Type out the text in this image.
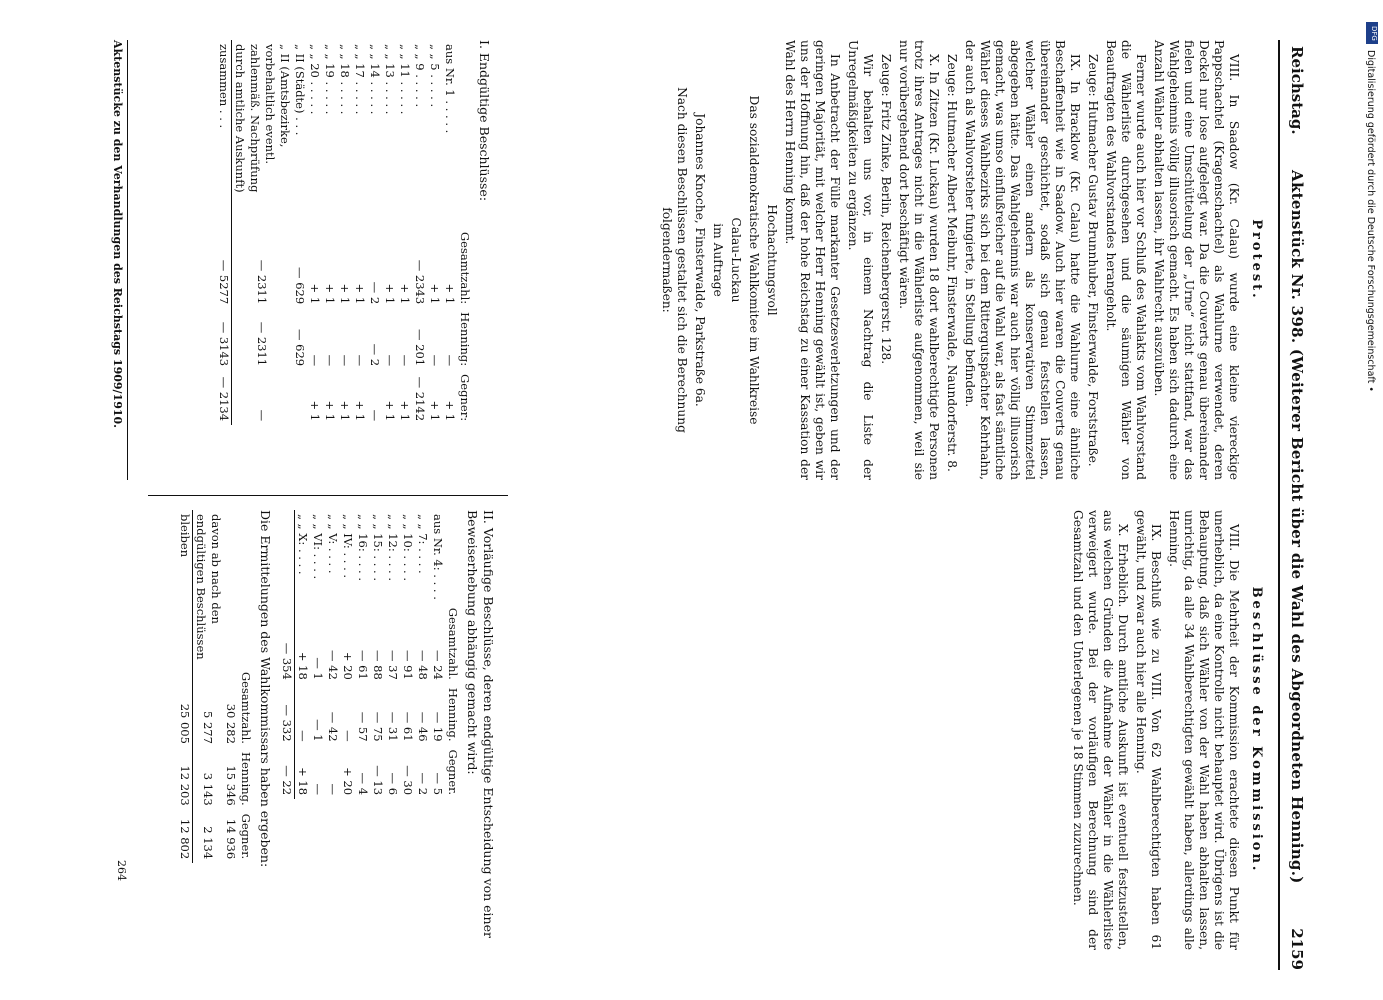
Reichstag.
Aktenstück Nr. 398. (Weiterer Bericht über die Wahl des Abgeordneten Henning.)
2159
Protest.

VIII. In Saadow (Kr. Calau) wurde eine kleine viereckige Pappschachtel (Kragenschachtel) als Wahlurne verwendet, deren Deckel nur lose aufgelegt war. Da die Couverts genau übereinander fielen und eine Umschüttelung der „Urne“ nicht stattfand, war das Wahlgeheimnis völlig illusorisch gemacht. Es haben sich dadurch eine Anzahl Wähler abhalten lassen, ihr Wahlrecht auszuüben.

Ferner wurde auch hier vor Schluß des Wahlakts vom Wahlvorstand die Wählerliste durchgesehen und die säumigen Wähler von Beauftragten des Wahlvorstandes herangeholt.

Zeuge: Hutmacher Gustav Brunnhuber, Finsterwalde, Forststraße.

IX. In Bracklow (Kr. Calau) hatte die Wahlurne eine ähnliche Beschaffenheit wie in Saadow. Auch hier waren die Couverts genau übereinander geschichtet, sodaß sich genau feststellen lassen, welcher Wähler einen andern als konservativen Stimmzettel abgegeben hätte. Das Wahlgeheimnis war auch hier völlig illusorisch gemacht, was umso einflußreicher auf die Wahl war, als fast sämtliche Wähler dieses Wahlbezirks sich bei dem Rittergutspächter Kehrhahn, der auch als Wahlvorsteher fungierte, in Stellung befinden.

Zeuge: Hutmacher Albert Meibuhr, Finsterwalde, Naundorferstr. 8.

X. In Zitzen (Kr. Luckau) wurden 18 dort wahlberechtigte Personen trotz ihres Antrages nicht in die Wählerliste aufgenommen, weil sie nur vorübergehend dort beschäftigt wären.

Zeuge: Fritz Zinke, Berlin, Reichenbergerstr. 128.

Wir behalten uns vor, in einem Nachtrag die Liste der Unregelmäßigkeiten zu ergänzen.

In Anbetracht der Fülle markanter Gesetzesverletzungen und der geringen Majorität, mit welcher Herr Henning gewählt ist, geben wir uns der Hoffnung hin, daß der hohe Reichstag zu einer Kassation der Wahl des Herrn Henning kommt.

Hochachtungsvoll

Das sozialdemokratische Wahlkomitee im Wahlkreise

Calau-Luckau

im Auftrage

Johannes Knoche, Finsterwalde, Parkstraße 6a.

Nach diesen Beschlüssen gestaltet sich die Berechnung folgendermaßen:

Beschlüsse der Kommission.

VIII. Die Mehrheit der Kommission erachtete diesen Punkt für unerheblich, da eine Kontrolle nicht behauptet wird. Übrigens ist die Behauptung, daß sich Wähler von der Wahl haben abhalten lassen, unrichtig, da alle 34 Wahlberechtigten gewählt haben, allerdings alle Henning.

IX. Beschluß wie zu VIII. Von 62 Wahlberechtigten haben 61 gewählt, und zwar auch hier alle Henning.

X. Erheblich. Durch amtliche Auskunft ist eventuell festzustellen, aus welchen Gründen die Aufnahme der Wähler in die Wählerliste verweigert wurde. Bei der vorläufigen Berechnung sind der Gesamtzahl und den Unterlegenen je 18 Stimmen zuzurechnen.

I. Endgültige Beschlüsse:
	Gesamtzahl:	Henning:	Gegner:
aus Nr. 1 . . . . .	+ 1	—	+ 1
„ „ 5 . . . . .	+ 1	—	+ 1
„ „ 9 . . . . .	— 2343	— 201	— 2142
„ „ 11 . . . . .	+ 1	—	+ 1
„ „ 13 . . . . .	+ 1	—	+ 1
„ „ 14 . . . . .	— 2	— 2	—
„ „ 17 . . . . .	+ 1	—	+ 1
„ „ 18 . . . . .	+ 1	—	+ 1
„ „ 19 . . . . .	+ 1	—	+ 1
„ „ 20 . . . . .	+ 1	—	+ 1
„ II (Städte) . . .	— 629	— 629	
„ II (Amtsbezirke, vorbehaltlich eventl. zahlenmäß. Nachprüfung durch amtliche Auskunft)	— 2311	— 2311	—
zusammen . . .	— 5277	— 3143	— 2134
II. Vorläufige Beschlüsse, deren endgültige Entscheidung von einer Beweiserhebung abhängig gemacht wird:
	Gesamtzahl.	Henning.	Gegner.
aus Nr. 4: . . . .	— 24	— 19	— 5
„ „ 7: . . . .	— 48	— 46	— 2
„ „ 10: . . . .	— 91	— 61	— 30
„ „ 12: . . . .	— 37	— 31	— 6
„ „ 15: . . . .	— 88	— 75	— 13
„ „ 16: . . . .	— 61	— 57	— 4
„ „ IV: . . . .	+ 20	—	+ 20
„ „ V: . . . .	— 42	— 42	—
„ „ VI: . . . .	— 1	— 1	—
„ „ X: . . . .	+ 18	—	+ 18
	— 354	— 332	— 22
Die Ermittelungen des Wahlkommissars haben ergeben:
	Gesamtzahl.	Henning.	Gegner.
	30 282	15 346	14 936
davon ab nach den endgültigen Beschlüssen	5 277	3 143	2 134
bleiben	25 005	12 203	12 802
Aktenstücke zu den Verhandlungen des Reichstags 1909/1910.
264
DFG
Digitalisierung gefördert durch die Deutsche Forschungsgemeinschaft •
